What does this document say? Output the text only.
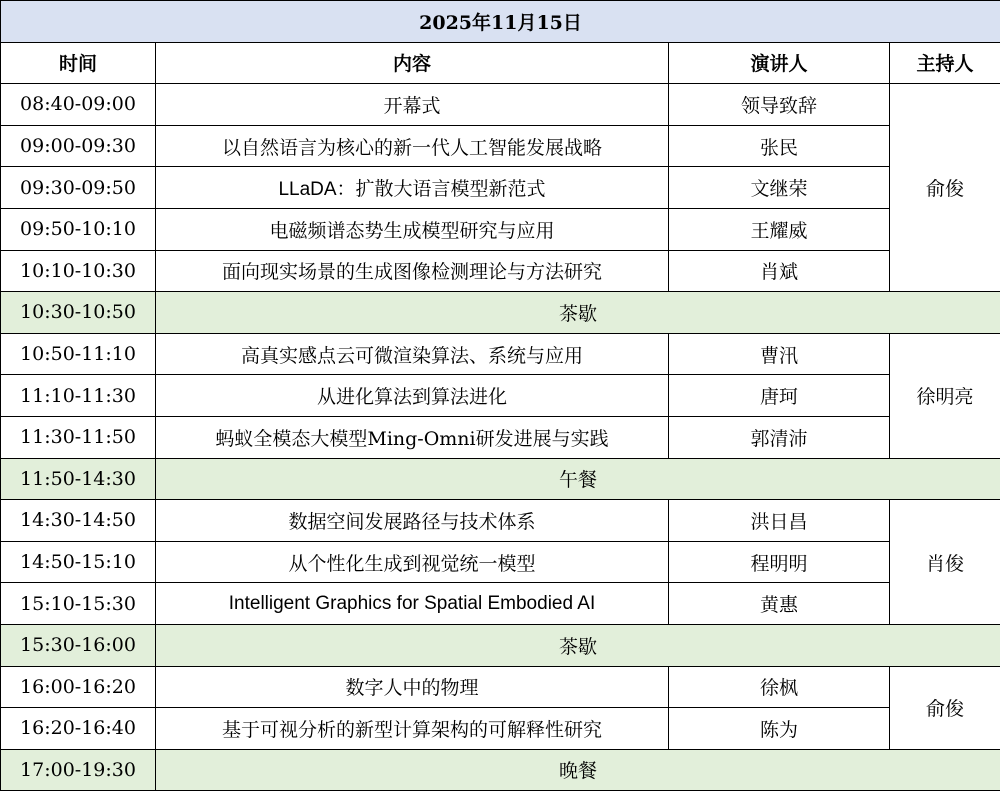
2025年11月15日			
时间	内容	演讲人	主持人
08:40-09:00	开幕式	领导致辞	俞俊
09:00-09:30	以自然语言为核心的新一代人工智能发展战略	张民	
09:30-09:50	LLaDA：扩散大语言模型新范式	文继荣	
09:50-10:10	电磁频谱态势生成模型研究与应用	王耀威	
10:10-10:30	面向现实场景的生成图像检测理论与方法研究	肖斌	
10:30-10:50	茶歇		
10:50-11:10	高真实感点云可微渲染算法、系统与应用	曹汛	徐明亮
11:10-11:30	从进化算法到算法进化	唐珂	
11:30-11:50	蚂蚁全模态大模型Ming-Omni研发进展与实践	郭清沛	
11:50-14:30	午餐		
14:30-14:50	数据空间发展路径与技术体系	洪日昌	肖俊
14:50-15:10	从个性化生成到视觉统一模型	程明明	
15:10-15:30	Intelligent Graphics for Spatial Embodied AI	黄惠	
15:30-16:00	茶歇		
16:00-16:20	数字人中的物理	徐枫	俞俊
16:20-16:40	基于可视分析的新型计算架构的可解释性研究	陈为	
17:00-19:30	晚餐		
